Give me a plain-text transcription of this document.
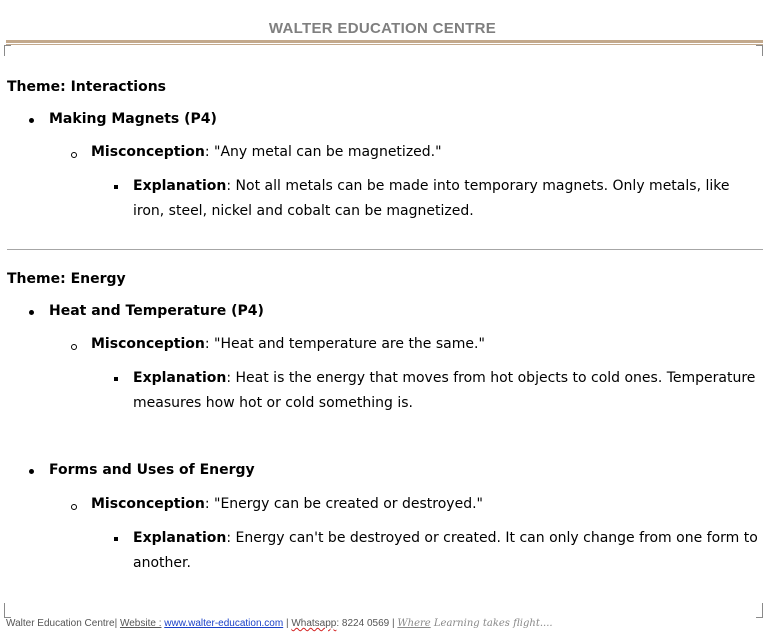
WALTER EDUCATION CENTRE
Theme: Interactions
Making Magnets (P4)
Misconception: "Any metal can be magnetized."
Explanation: Not all metals can be made into temporary magnets. Only metals, like iron, steel, nickel and cobalt can be magnetized.
Theme: Energy
Heat and Temperature (P4)
Misconception: "Heat and temperature are the same."
Explanation: Heat is the energy that moves from hot objects to cold ones. Temperature measures how hot or cold something is.
Forms and Uses of Energy
Misconception: "Energy can be created or destroyed."
Explanation: Energy can't be destroyed or created. It can only change from one form to another.
Walter Education Centre| Website : www.walter-education.com | Whatsapp: 8224 0569 | Where Learning takes flight....
